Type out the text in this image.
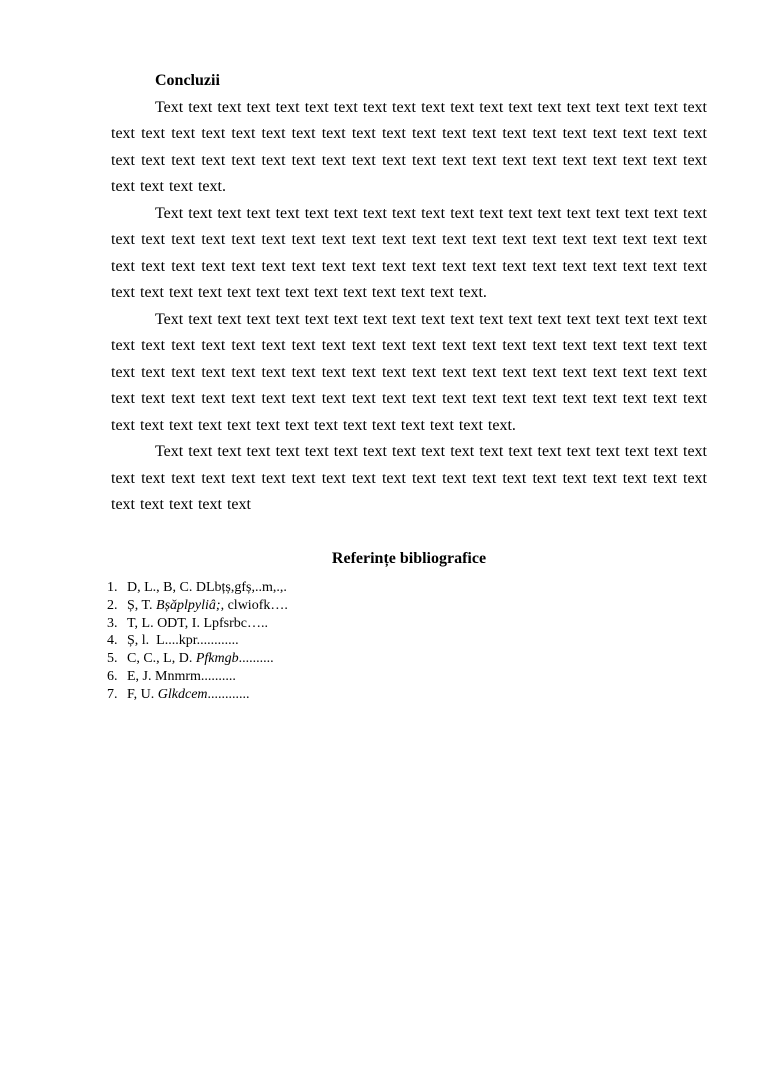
Concluzii

Text text text text text text text text text text text text text text text text text text text text text text text text text text text text text text text text text text text text text text text text text text text text text text text text text text text text text text text text text text text text text text text.

Text text text text text text text text text text text text text text text text text text text text text text text text text text text text text text text text text text text text text text text text text text text text text text text text text text text text text text text text text text text text text text text text text text text text text text text text.

Text text text text text text text text text text text text text text text text text text text text text text text text text text text text text text text text text text text text text text text text text text text text text text text text text text text text text text text text text text text text text text text text text text text text text text text text text text text text text text text text text text text text text text text text text text text text text.

Text text text text text text text text text text text text text text text text text text text text text text text text text text text text text text text text text text text text text text text text text text text text

Referințe bibliografice

1. D, L., B, C. DLbțș,gfș,..m,.,.
2. Ș, T. Bșăplpyliâ;, clwiofk….
3. T, L. ODT, I. Lpfsrbc…..
4. Ș, l.  L....kpr............
5. C, C., L, D. Pfkmgb..........
6. E, J. Mnmrm..........
7. F, U. Glkdcem............
